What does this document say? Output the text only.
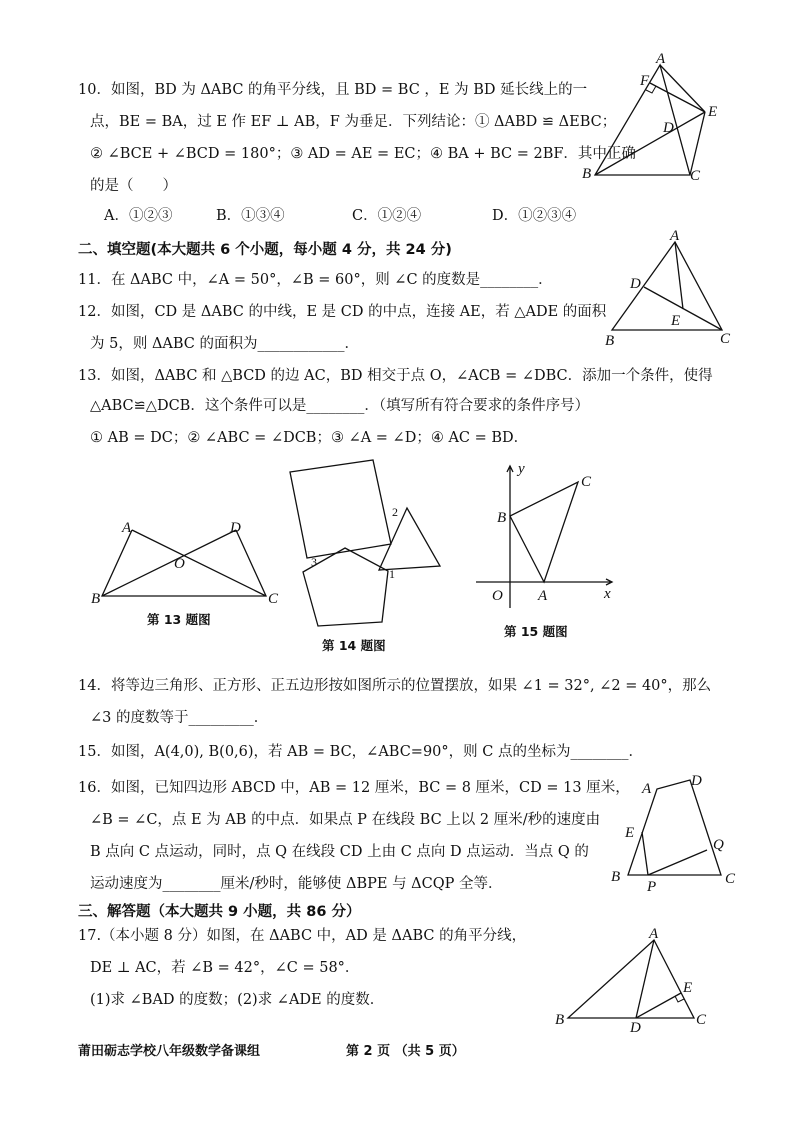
10．如图，BD 为 ΔABC 的角平分线，且 BD = BC ，E 为 BD 延长线上的一
点，BE = BA，过 E 作 EF ⊥ AB，F 为垂足．下列结论：① ΔABD ≌ ΔEBC；
② ∠BCE + ∠BCD = 180°；③ AD = AE = EC；④ BA + BC = 2BF．其中正确
的是（　　）
A．①②③	B．①③④	C．①②④	D．①②③④
A
F
E
D
B	C
二、填空题(本大题共 6 个小题，每小题 4 分，共 24 分)
11．在 ΔABC 中，∠A = 50°，∠B = 60°，则 ∠C 的度数是________．
A
D
E
B	C
12．如图，CD 是 ΔABC 的中线，E 是 CD 的中点，连接 AE，若 △ADE 的面积
为 5，则 ΔABC 的面积为____________．
13．如图，ΔABC 和 △BCD 的边 AC，BD 相交于点 O，∠ACB = ∠DBC．添加一个条件，使得
△ABC≌△DCB．这个条件可以是________．（填写所有符合要求的条件序号）
① AB = DC；② ∠ABC = ∠DCB；③ ∠A = ∠D；④ AC = BD．
A	D
O
B	C
第 13 题图
2
3
1
第 14 题图
y
x
C
B
O A
第 15 题图
14．将等边三角形、正方形、正五边形按如图所示的位置摆放，如果 ∠1 = 32°, ∠2 = 40°，那么
∠3 的度数等于_________．
15．如图，A(4,0), B(0,6)，若 AB = BC，∠ABC=90°，则 C 点的坐标为________．
16．如图，已知四边形 ABCD 中，AB = 12 厘米，BC = 8 厘米，CD = 13 厘米，
∠B = ∠C，点 E 为 AB 的中点．如果点 P 在线段 BC 上以 2 厘米/秒的速度由
B 点向 C 点运动，同时，点 Q 在线段 CD 上由 C 点向 D 点运动．当点 Q 的
运动速度为________厘米/秒时，能够使 ΔBPE 与 ΔCQP 全等．
A	D
E
Q
B
P	C
三、解答题（本大题共 9 小题，共 86 分）
17.（本小题 8 分）如图，在 ΔABC 中，AD 是 ΔABC 的角平分线，
DE ⊥ AC，若 ∠B = 42°，∠C = 58°．
(1)求 ∠BAD 的度数；(2)求 ∠ADE 的度数．
A
E
B	D	C
莆田砺志学校八年级数学备课组	第 2 页 （共 5 页）
